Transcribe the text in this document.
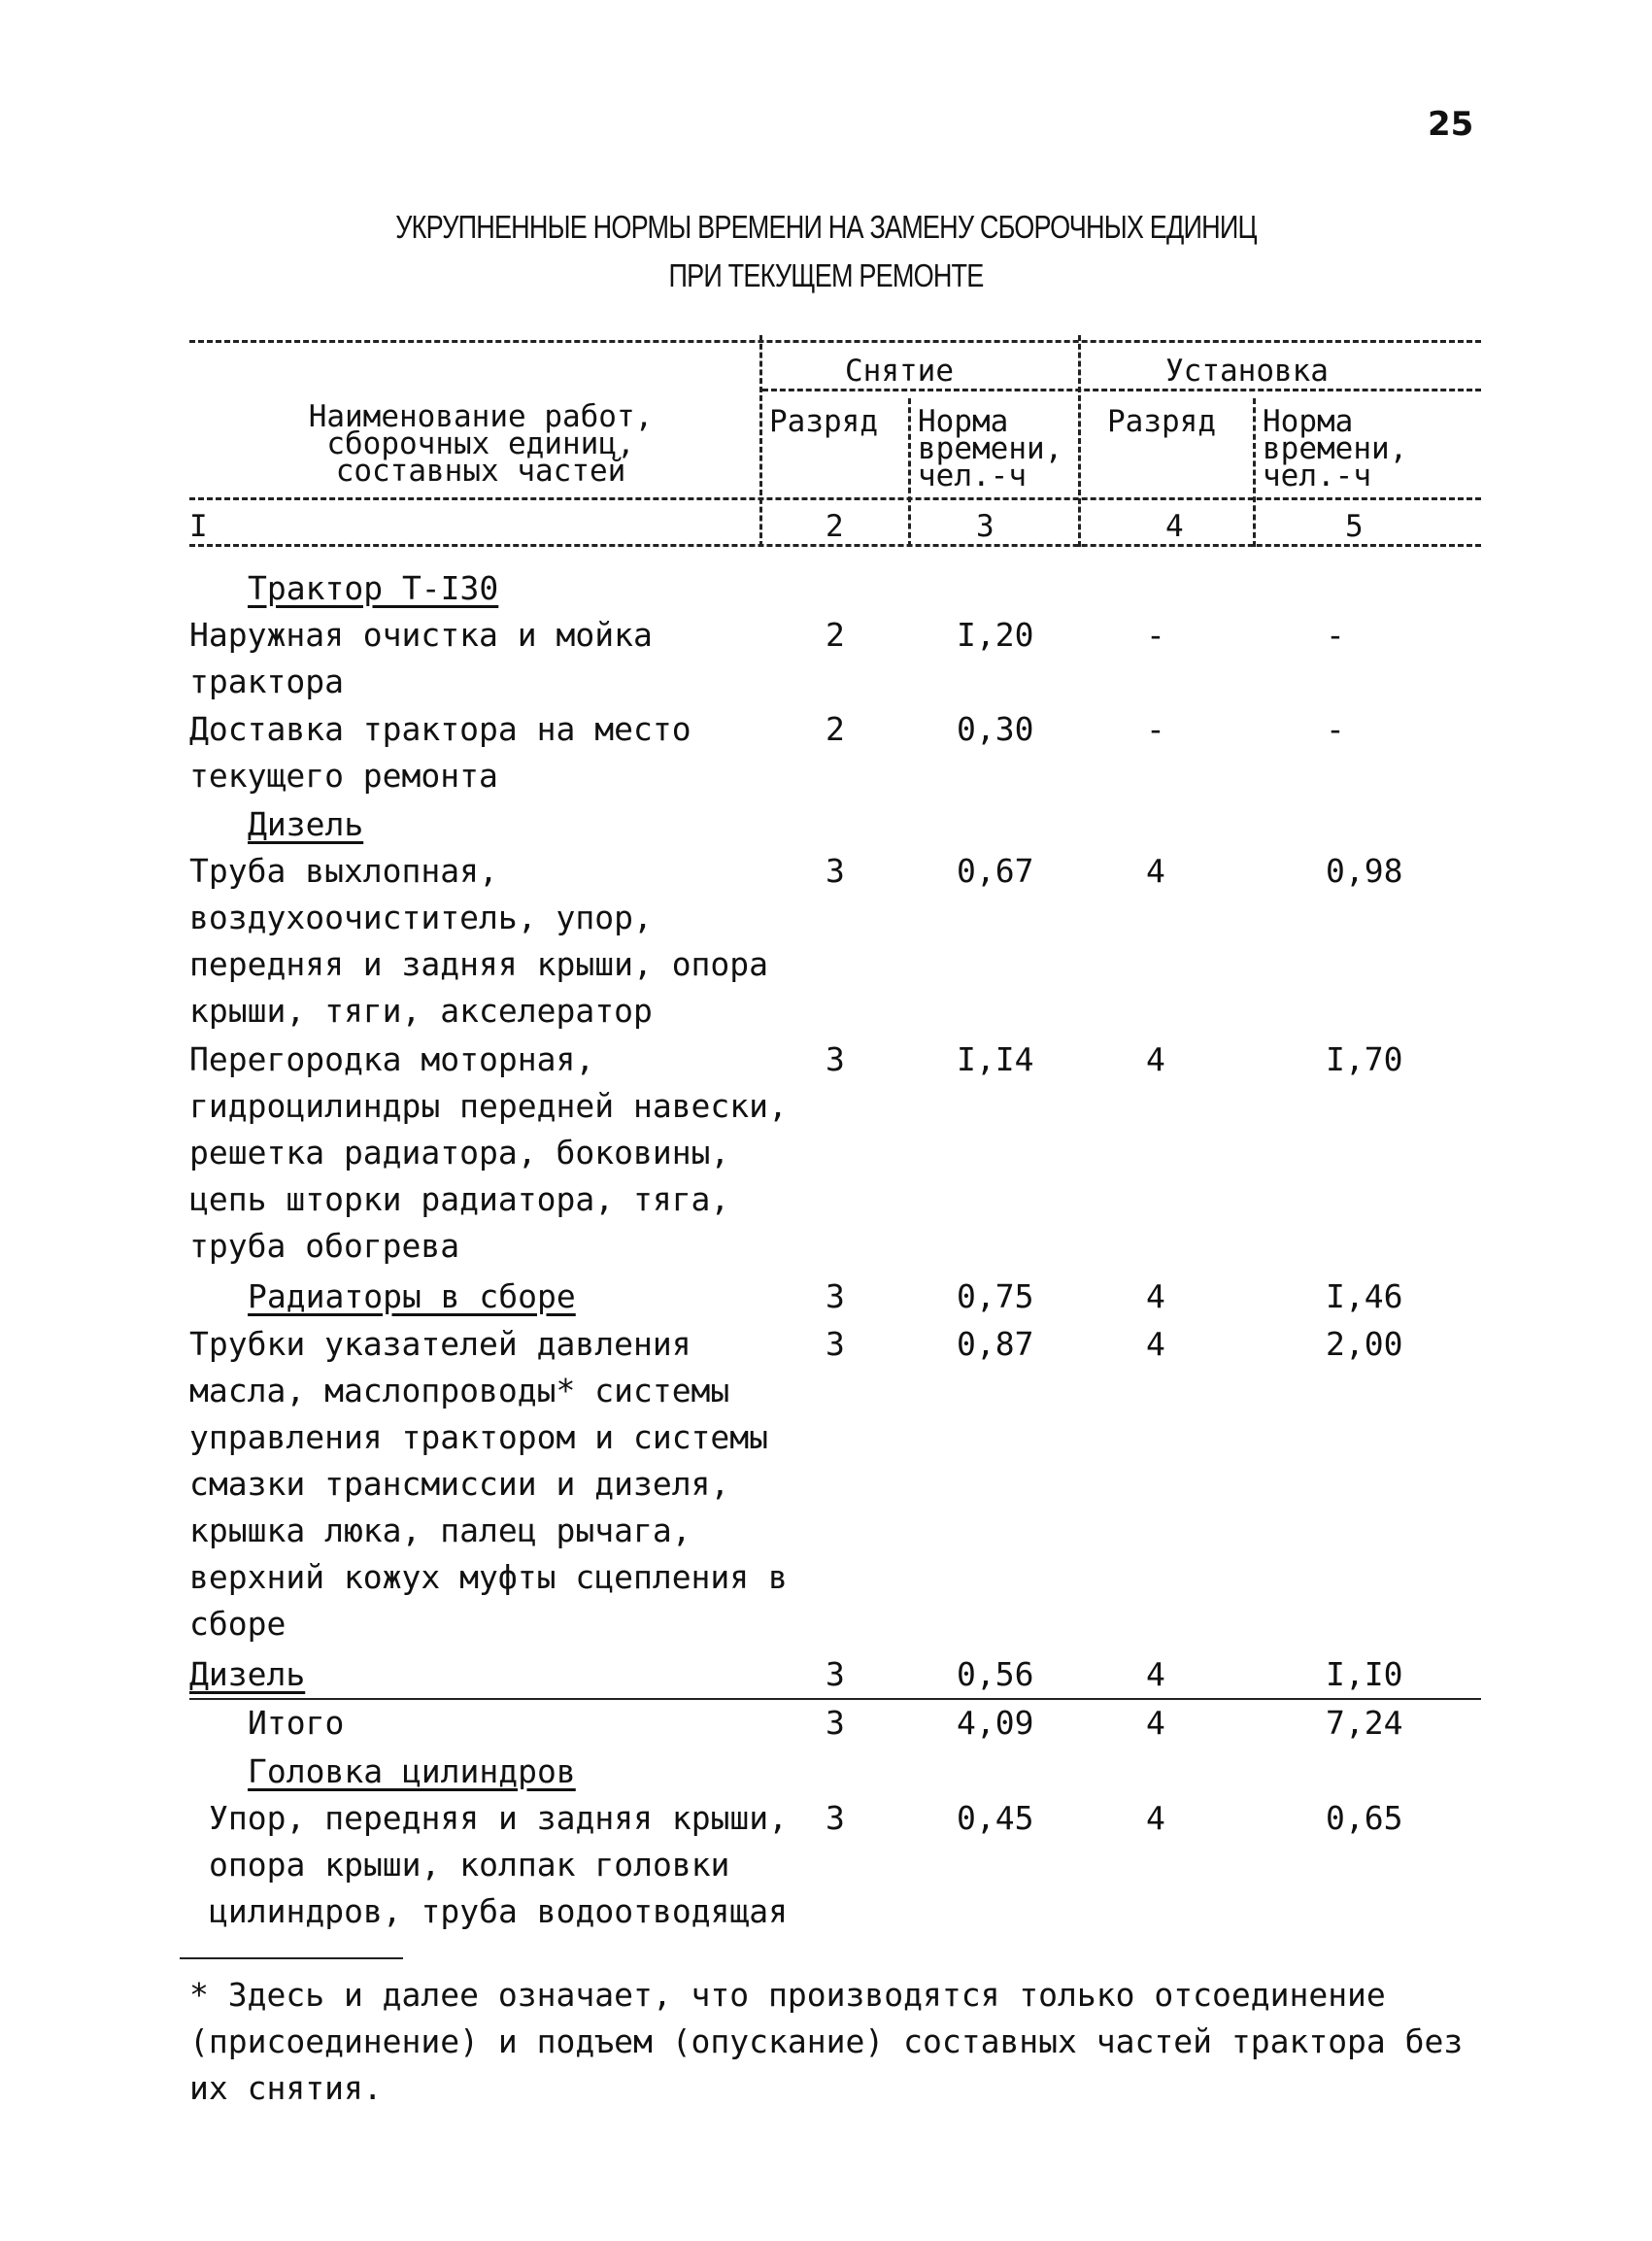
25
УКРУПНЕННЫЕ НОРМЫ ВРЕМЕНИ НА ЗАМЕНУ СБОРОЧНЫХ ЕДИНИЦ
ПРИ ТЕКУЩЕМ РЕМОНТЕ
Наименование работ, сборочных единиц, составных частей
Снятие	Установка
Разряд Норма времени, чел.-ч
Разряд Норма времени, чел.-ч
I	2	3	4	5
Трактор Т-I30
Наружная очистка и мойка трактора
2	I,20	-	-
Доставка трактора на место текущего ремонта
2	0,30	-	-
Дизель
Труба выхлопная, воздухоочиститель, упор, передняя и задняя крыши, опора крыши, тяги, акселератор
3	0,67	4	0,98
Перегородка моторная, гидроцилиндры передней навески, решетка радиатора, боковины, цепь шторки радиатора, тяга, труба обогрева
3	I,I4	4	I,70
Радиаторы в сборе	3	0,75	4	I,46
Трубки указателей давления масла, маслопроводы* системы управления трактором и системы смазки трансмиссии и дизеля, крышка люка, палец рычага, верхний кожух муфты сцепления в сборе
3	0,87	4	2,00
Дизель	3	0,56	4	I,I0
Итого	3	4,09	4	7,24
Головка цилиндров
Упор, передняя и задняя крыши, опора крыши, колпак головки цилиндров, труба водоотводящая
3	0,45	4	0,65
* Здесь и далее означает, что производятся только отсоединение (присоединение) и подъем (опускание) составных частей трактора без их снятия.
